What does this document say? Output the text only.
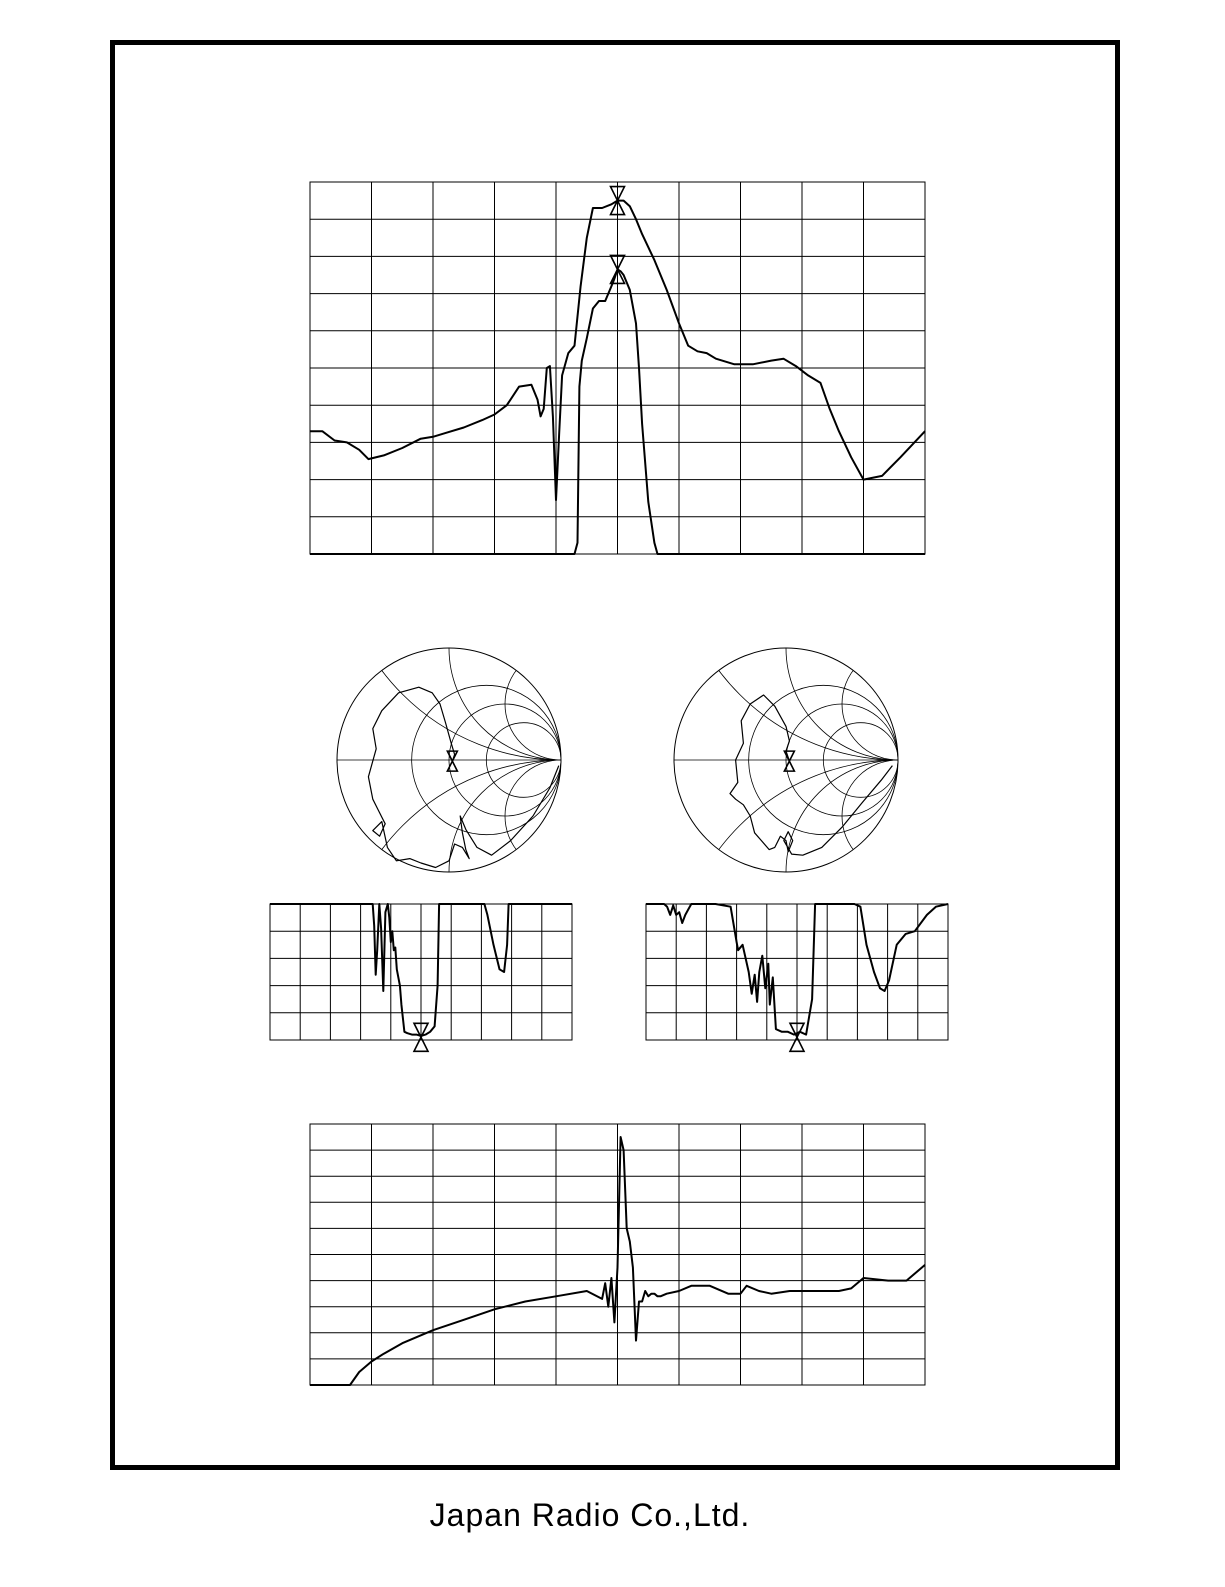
Japan Radio Co.,Ltd.
